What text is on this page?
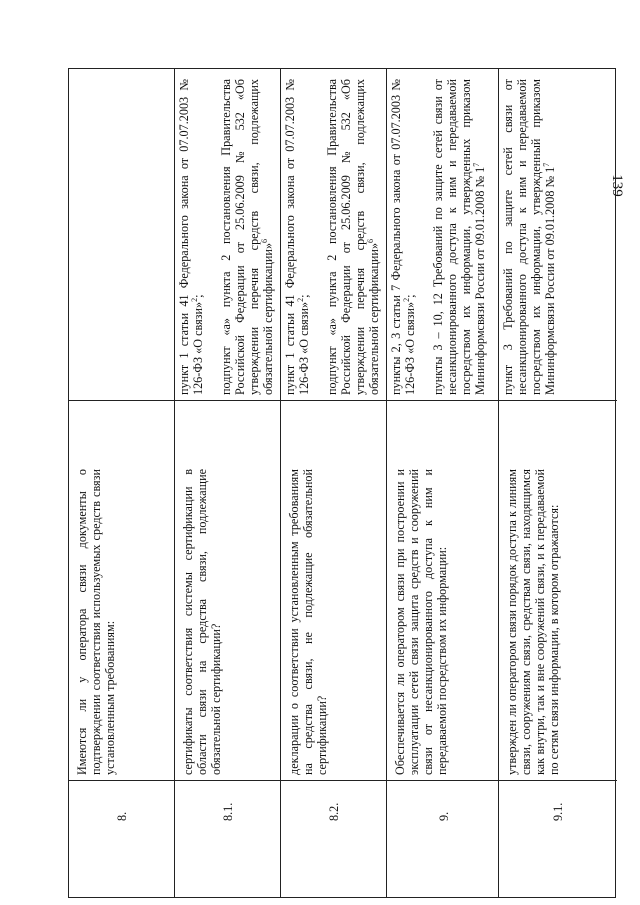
139

Имеются ли у оператора связи документы о подтверждении соответствия используемых средств связи установленным требованиям:

8.

пункт 1 статьи 41 Федерального закона от 07.07.2003 № 126-ФЗ «О связи»$^2$; подпункт «а» пункта 2 постановления Правительства Российской Федерации от 25.06.2009 № 532 «Об утверждении перечня средств связи, подлежащих обязательной сертификации»$^6$

сертификаты соответствия системы сертификации в области связи на средства связи, подлежащие обязательной сертификации?

8.1.

пункт 1 статьи 41 Федерального закона от 07.07.2003 № 126-ФЗ «О связи»$^2$; подпункт «а» пункта 2 постановления Правительства Российской Федерации от 25.06.2009 № 532 «Об утверждении перечня средств связи, подлежащих обязательной сертификации»$^6$

декларации о соответствии установленным требованиям на средства связи, не подлежащие обязательной сертификации?

8.2.

пункты 2, 3 статьи 7 Федерального закона от 07.07.2003 № 126-ФЗ «О связи»$^2$; пункты 3 – 10, 12 Требований по защите сетей связи от несанкционированного доступа к ним и передаваемой посредством их информации, утвержденных приказом Мининформсвязи России от 09.01.2008 № $1^7$

Обеспечивается ли оператором связи при построении и эксплуатации сетей связи защита средств и сооружений связи от несанкционированного доступа к ним и передаваемой посредством их информации:

9.

пункт 3 Требований по защите сетей связи от несанкционированного доступа к ним и передаваемой посредством их информации, утвержденный приказом Мининформсвязи России от 09.01.2008 № $1^7$

утвержден ли оператором связи порядок доступа к линиям связи, сооружениям связи, средствам связи, находящимся как внутри, так и вне сооружений связи, и к передаваемой по сетям связи информации, в котором отражаются:

9.1.
